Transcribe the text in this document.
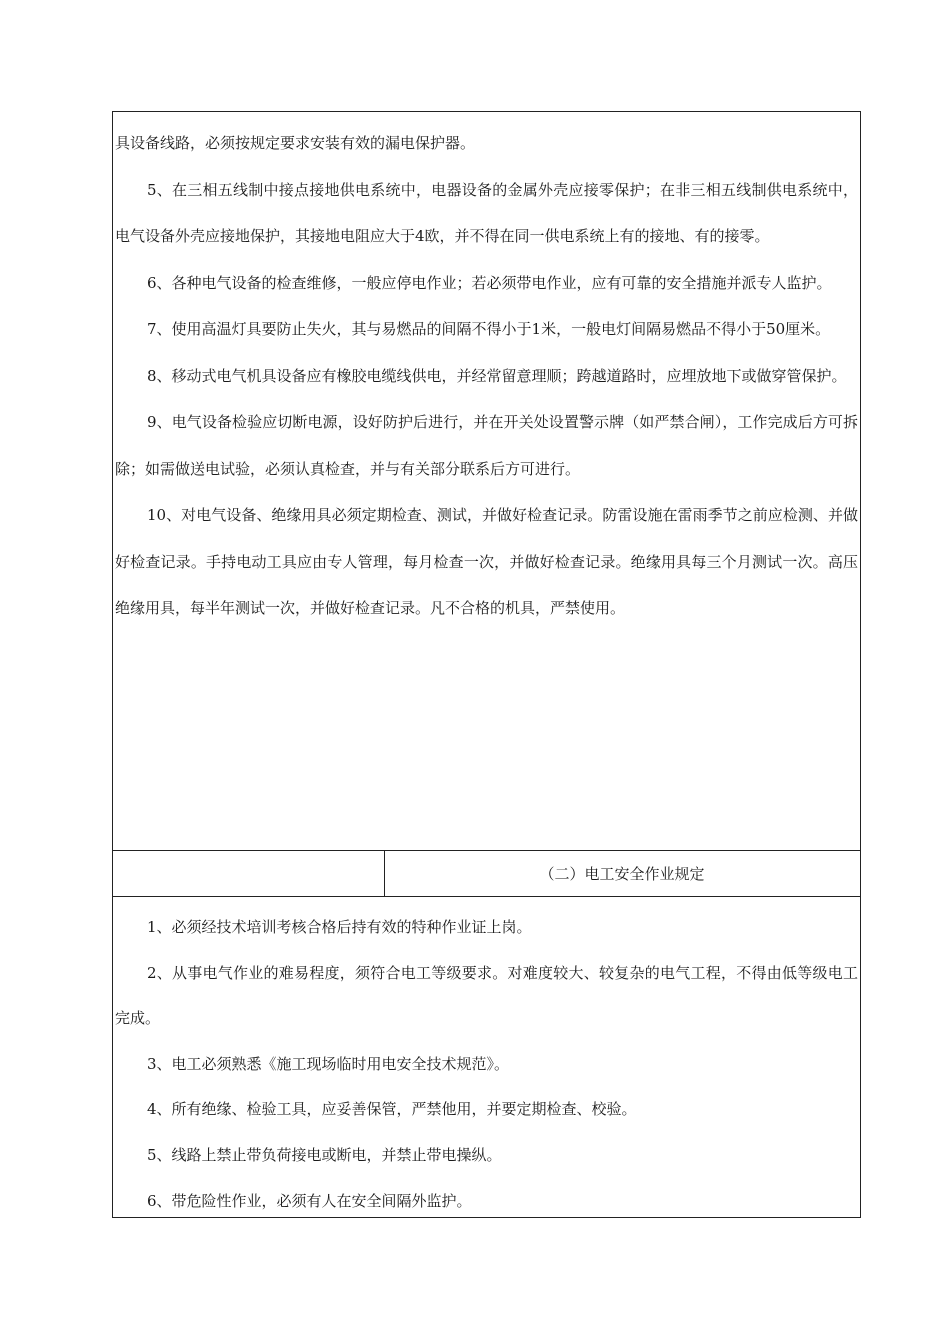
具设备线路，必须按规定要求安装有效的漏电保护器。

5、在三相五线制中接点接地供电系统中，电器设备的金属外壳应接零保护；在非三相五线制供电系统中，电气设备外壳应接地保护，其接地电阻应大于4欧，并不得在同一供电系统上有的接地、有的接零。

6、各种电气设备的检查维修，一般应停电作业；若必须带电作业，应有可靠的安全措施并派专人监护。

7、使用高温灯具要防止失火，其与易燃品的间隔不得小于1米，一般电灯间隔易燃品不得小于50厘米。

8、移动式电气机具设备应有橡胶电缆线供电，并经常留意理顺；跨越道路时，应埋放地下或做穿管保护。

9、电气设备检验应切断电源，设好防护后进行，并在开关处设置警示牌（如严禁合闸），工作完成后方可拆除；如需做送电试验，必须认真检查，并与有关部分联系后方可进行。

10、对电气设备、绝缘用具必须定期检查、测试，并做好检查记录。防雷设施在雷雨季节之前应检测、并做好检查记录。手持电动工具应由专人管理，每月检查一次，并做好检查记录。绝缘用具每三个月测试一次。高压绝缘用具，每半年测试一次，并做好检查记录。凡不合格的机具，严禁使用。

（二）电工安全作业规定

1、必须经技术培训考核合格后持有效的特种作业证上岗。

2、从事电气作业的难易程度，须符合电工等级要求。对难度较大、较复杂的电气工程，不得由低等级电工完成。

3、电工必须熟悉《施工现场临时用电安全技术规范》。

4、所有绝缘、检验工具，应妥善保管，严禁他用，并要定期检查、校验。

5、线路上禁止带负荷接电或断电，并禁止带电操纵。

6、带危险性作业，必须有人在安全间隔外监护。
